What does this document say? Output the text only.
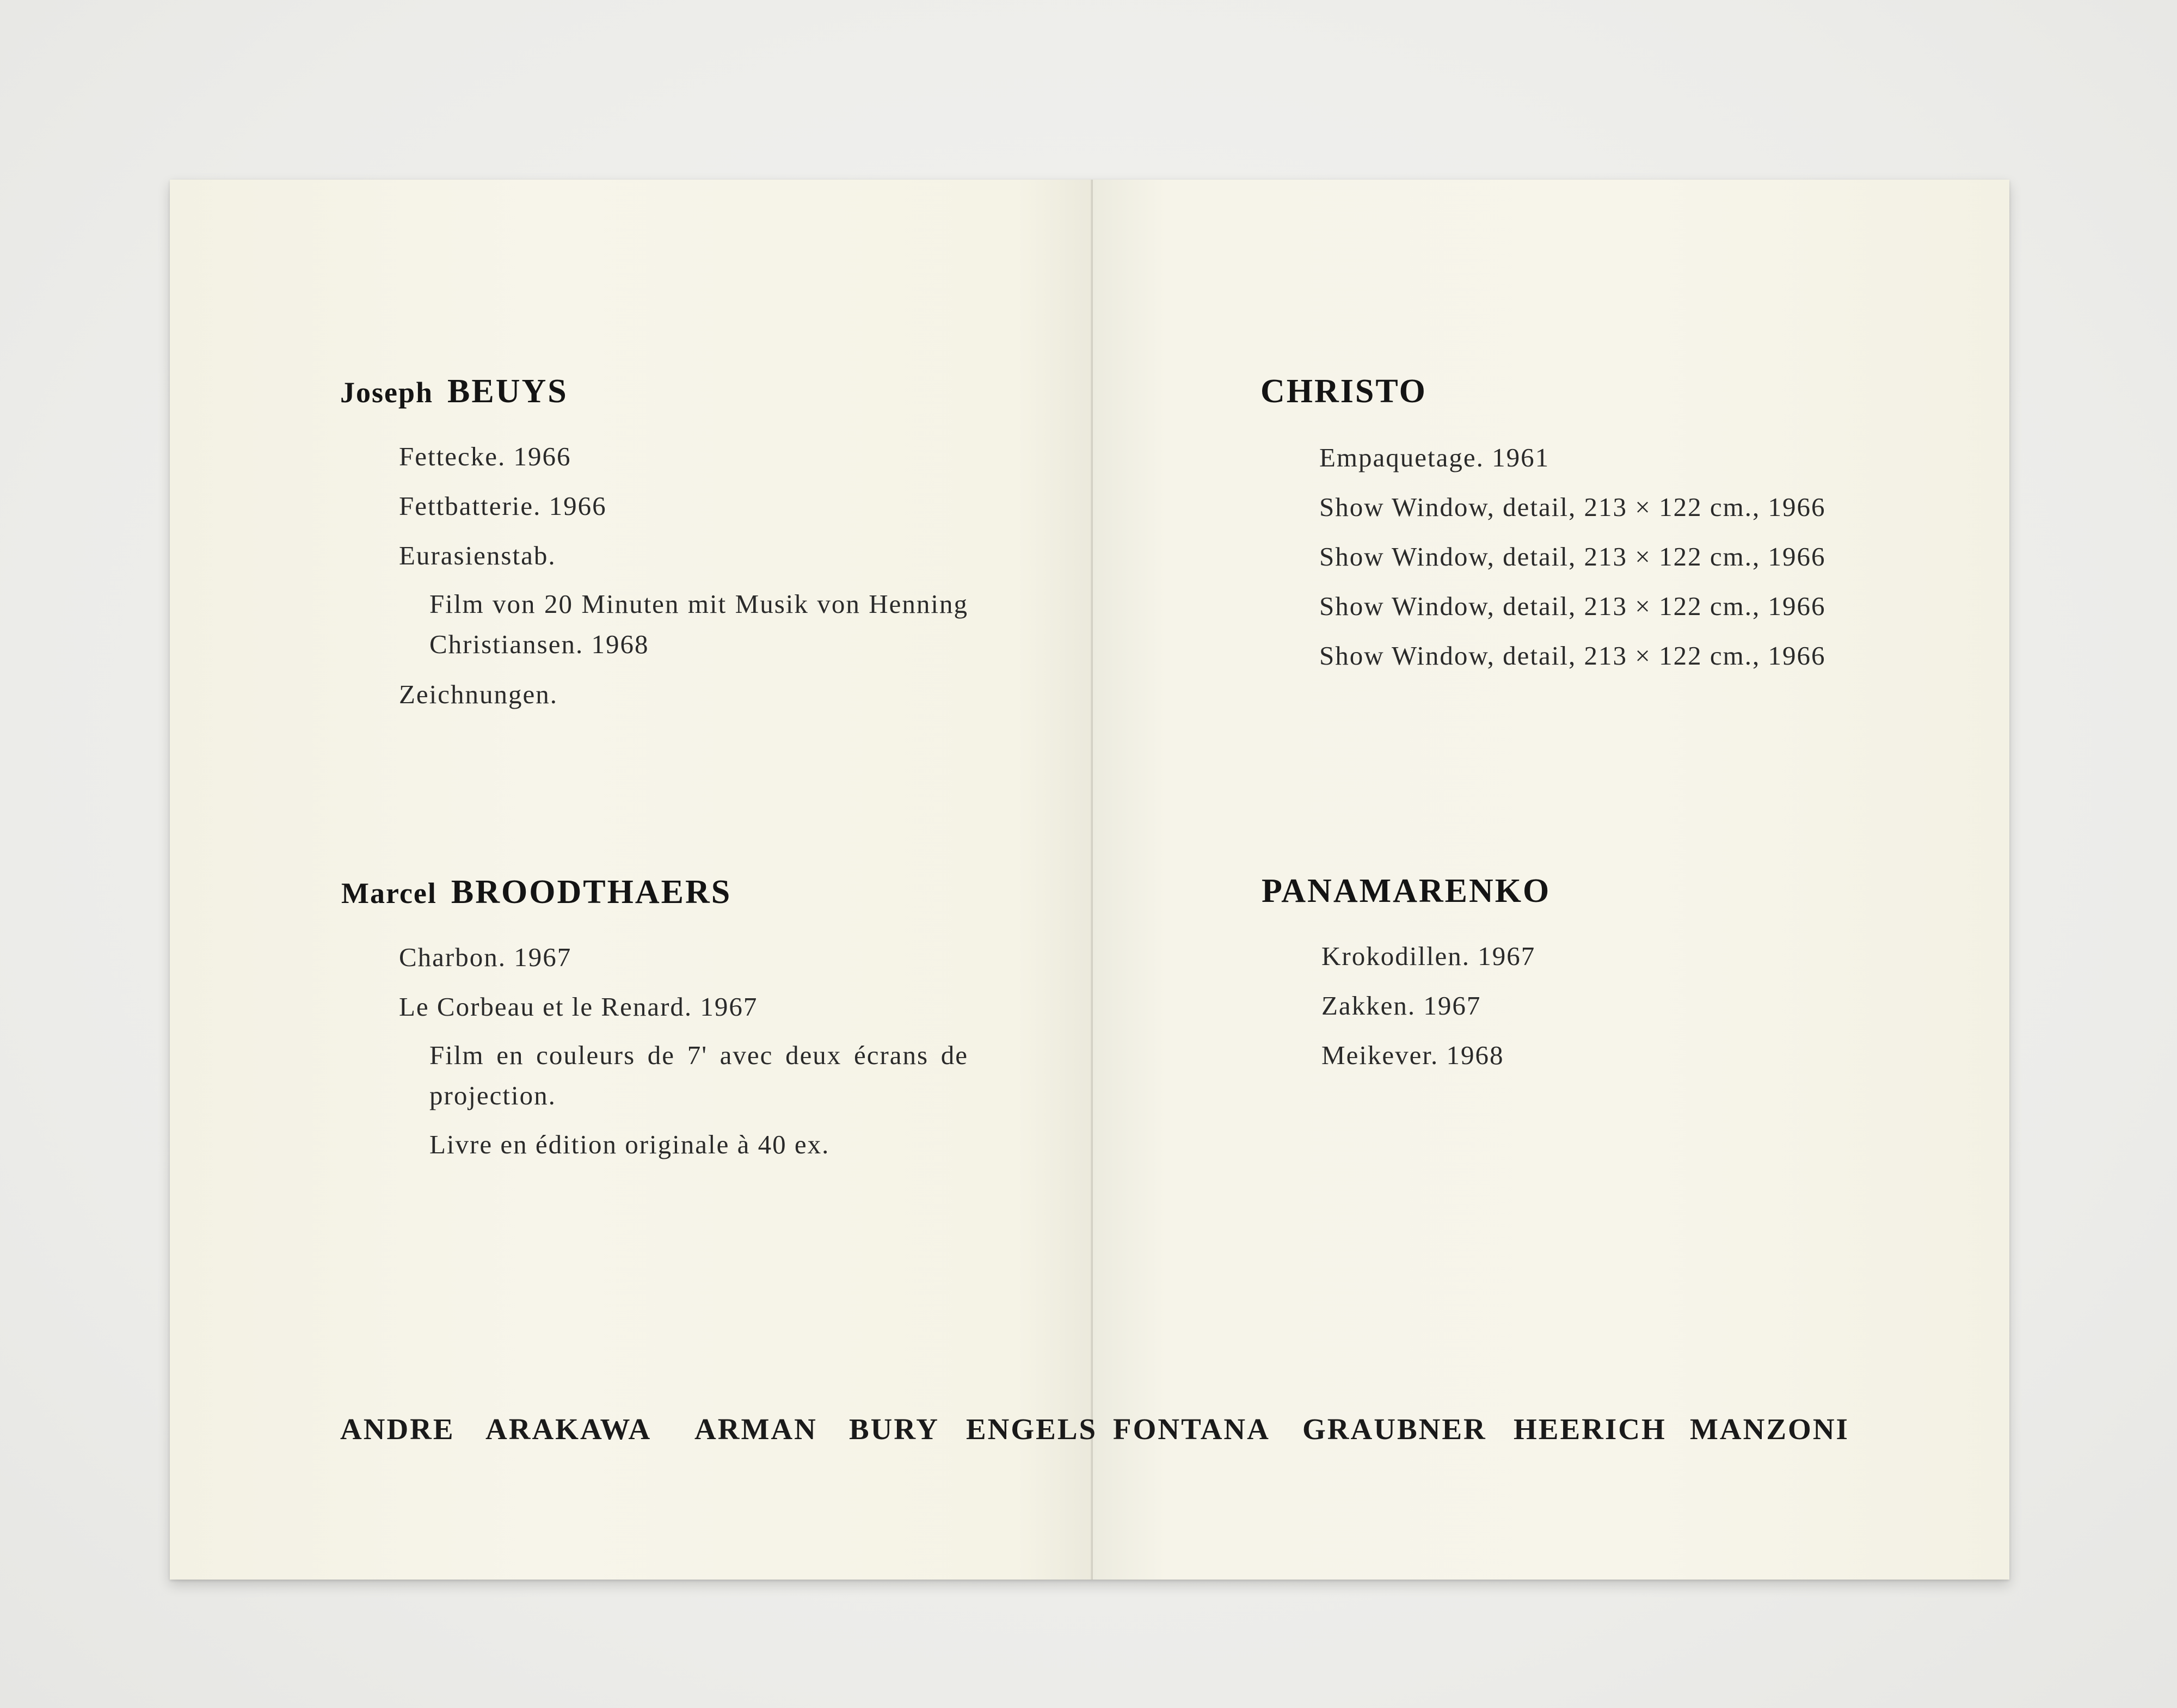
Joseph BEUYS

Fettecke. 1966

Fettbatterie. 1966

Eurasienstab.

Film von 20 Minuten mit Musik von Henning Christiansen. 1968

Zeichnungen.

Marcel BROODTHAERS

Charbon. 1967

Le Corbeau et le Renard. 1967

Film en couleurs de 7' avec deux écrans de projection.

Livre en édition originale à 40 ex.

CHRISTO

Empaquetage. 1961

Show Window, detail, 213 × 122 cm., 1966

Show Window, detail, 213 × 122 cm., 1966

Show Window, detail, 213 × 122 cm., 1966

Show Window, detail, 213 × 122 cm., 1966

PANAMARENKO

Krokodillen. 1967

Zakken. 1967

Meikever. 1968

ANDRE ARAKAWA ARMAN BURY ENGELS FONTANA GRAUBNER HEERICH MANZONI
